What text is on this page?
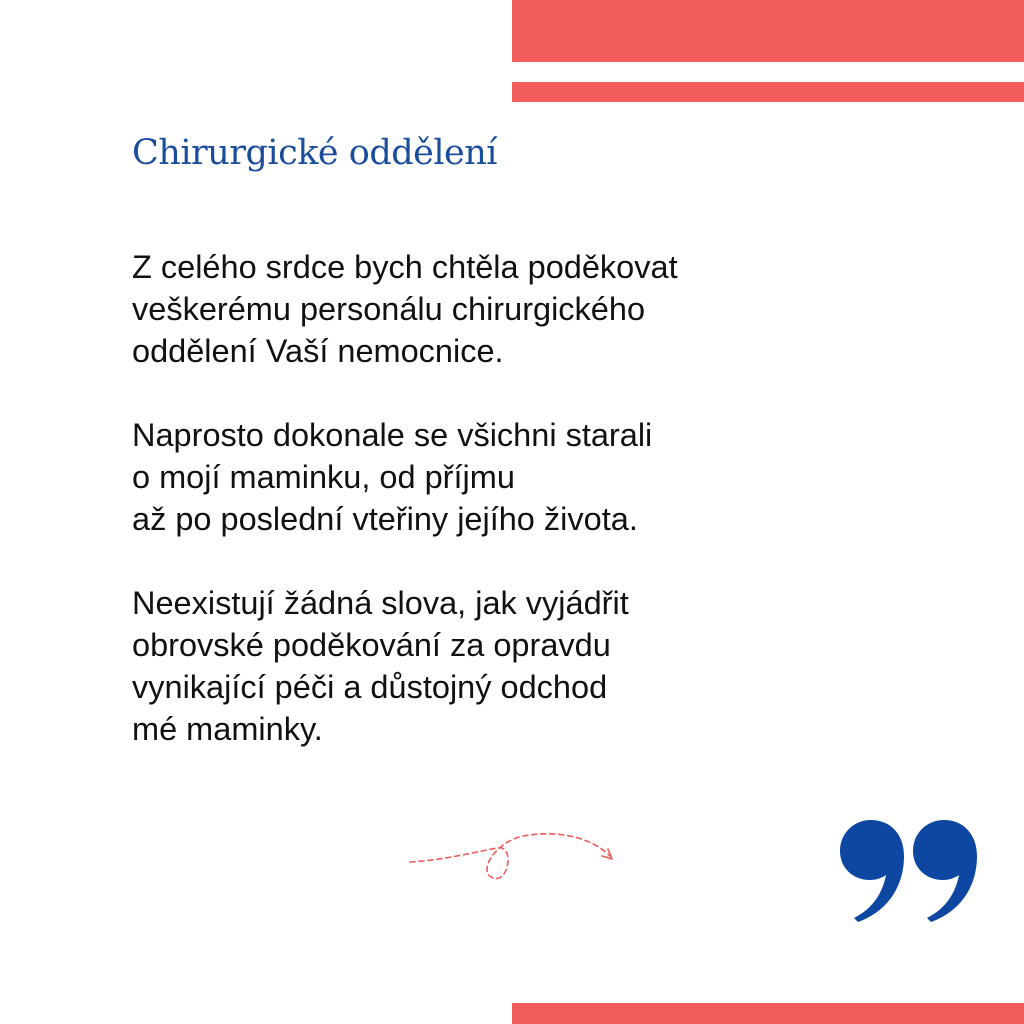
Chirurgické oddělení

Z celého srdce bych chtěla poděkovat
veškerému personálu chirurgického
oddělení Vaší nemocnice.

Naprosto dokonale se všichni starali
o mojí maminku, od příjmu
až po poslední vteřiny jejího života.

Neexistují žádná slova, jak vyjádřit
obrovské poděkování za opravdu
vynikající péči a důstojný odchod
mé maminky.
